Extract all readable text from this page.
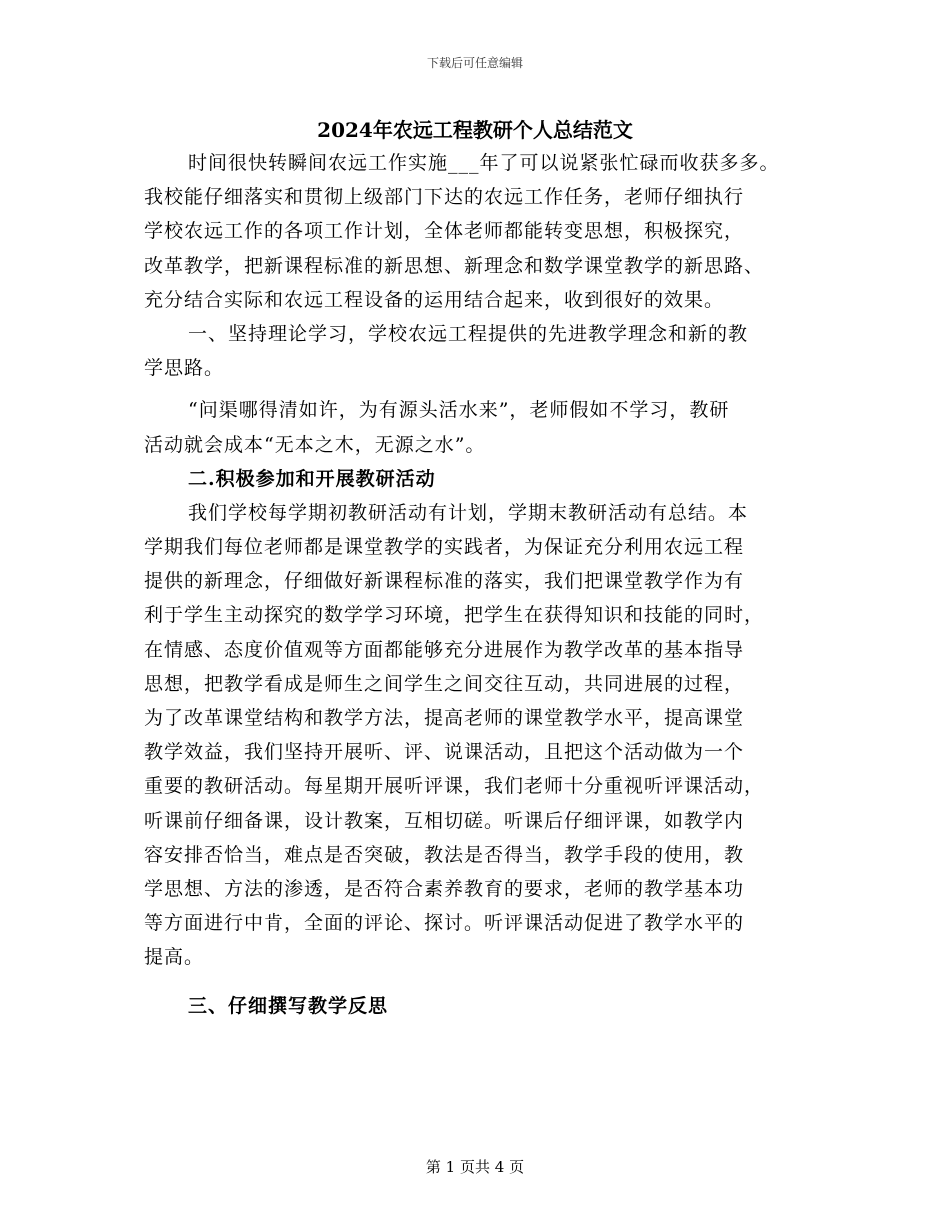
下载后可任意编辑
2024年农远工程教研个人总结范文
时间很快转瞬间农远工作实施___年了可以说紧张忙碌而收获多多。
我校能仔细落实和贯彻上级部门下达的农远工作任务，老师仔细执行
学校农远工作的各项工作计划，全体老师都能转变思想，积极探究，
改革教学，把新课程标准的新思想、新理念和数学课堂教学的新思路、
充分结合实际和农远工程设备的运用结合起来，收到很好的效果。
一、坚持理论学习，学校农远工程提供的先进教学理念和新的教
学思路。
“问渠哪得清如许，为有源头活水来”，老师假如不学习，教研
活动就会成本“无本之木，无源之水”。
二.积极参加和开展教研活动
我们学校每学期初教研活动有计划，学期末教研活动有总结。本
学期我们每位老师都是课堂教学的实践者，为保证充分利用农远工程
提供的新理念，仔细做好新课程标准的落实，我们把课堂教学作为有
利于学生主动探究的数学学习环境，把学生在获得知识和技能的同时，
在情感、态度价值观等方面都能够充分进展作为教学改革的基本指导
思想，把教学看成是师生之间学生之间交往互动，共同进展的过程，
为了改革课堂结构和教学方法，提高老师的课堂教学水平，提高课堂
教学效益，我们坚持开展听、评、说课活动，且把这个活动做为一个
重要的教研活动。每星期开展听评课，我们老师十分重视听评课活动，
听课前仔细备课，设计教案，互相切磋。听课后仔细评课，如教学内
容安排否恰当，难点是否突破，教法是否得当，教学手段的使用，教
学思想、方法的渗透，是否符合素养教育的要求，老师的教学基本功
等方面进行中肯，全面的评论、探讨。听评课活动促进了教学水平的
提高。
三、仔细撰写教学反思
第 1 页共 4 页
